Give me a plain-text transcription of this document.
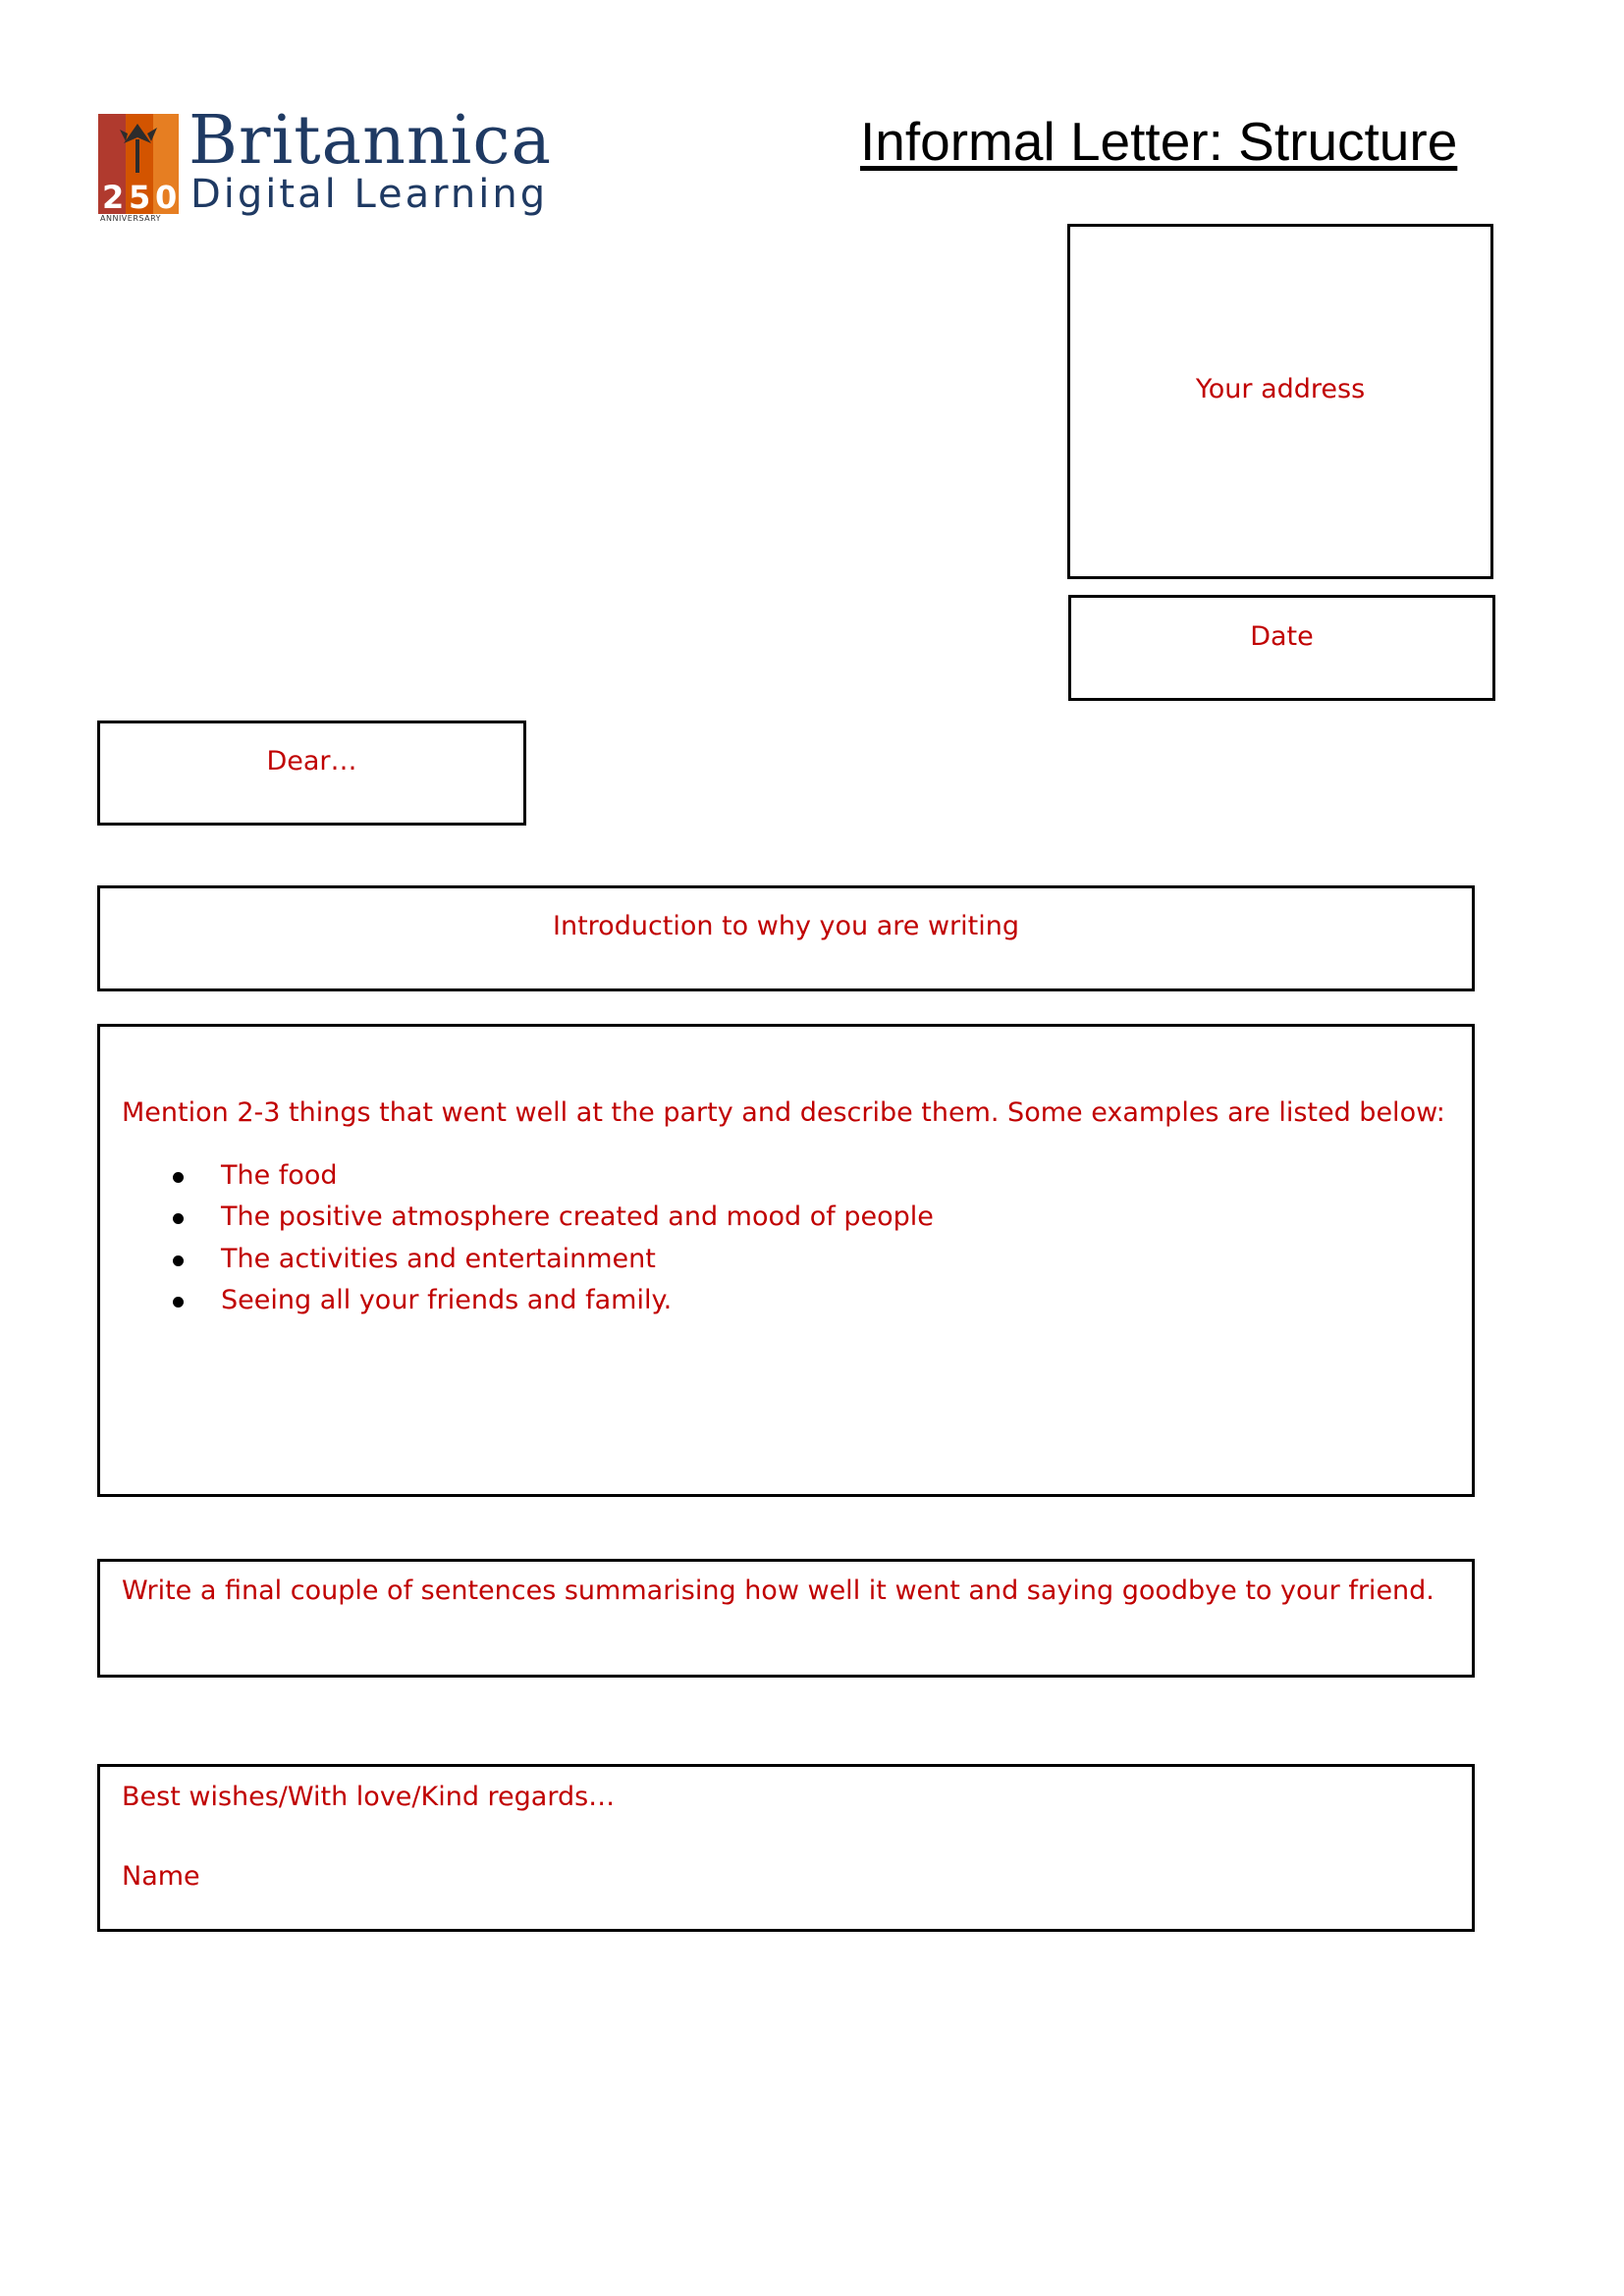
2 5 0
Britannica
Digital Learning
ANNIVERSARY
Informal Letter: Structure
Your address
Date
Dear…
Introduction to why you are writing
Mention 2-3 things that went well at the party and describe them. Some examples are listed below:
The food
The positive atmosphere created and mood of people
The activities and entertainment
Seeing all your friends and family.
Write a final couple of sentences summarising how well it went and saying goodbye to your friend.
Best wishes/With love/Kind regards…
Name
